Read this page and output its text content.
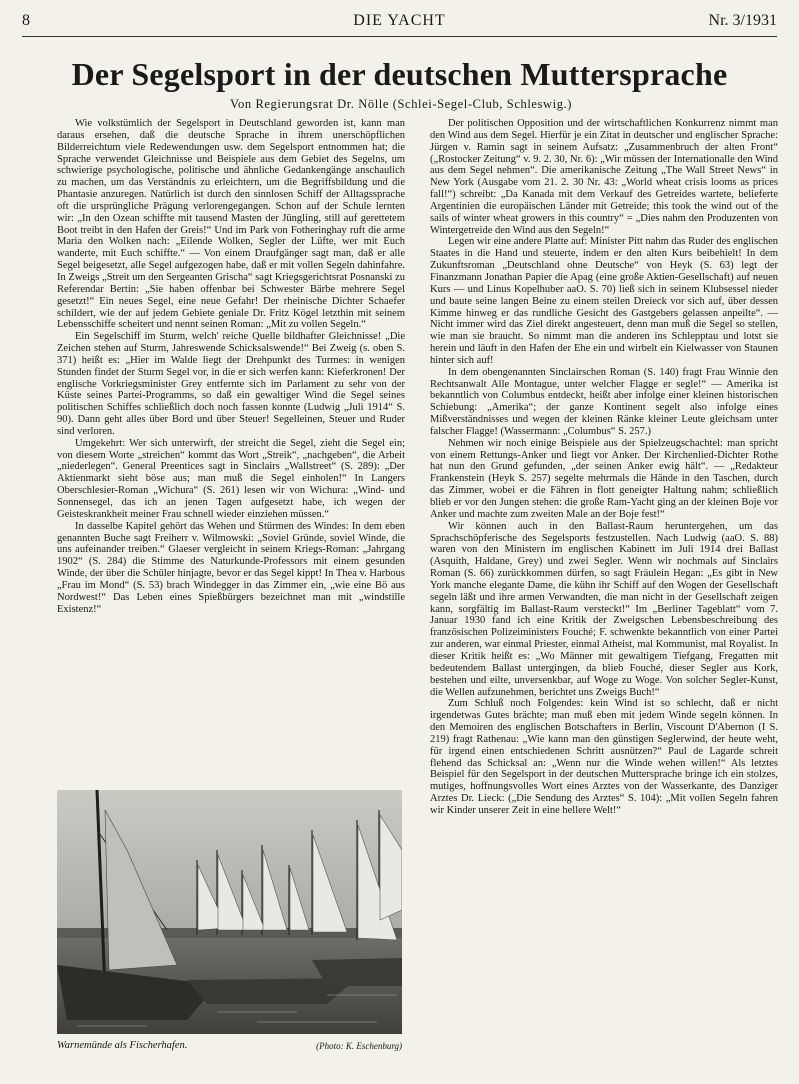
8	DIE YACHT	Nr. 3/1931
Der Segelsport in der deutschen Muttersprache
Von Regierungsrat Dr. Nölle (Schlei-Segel-Club, Schleswig.)

Wie volkstümlich der Segelsport in Deutschland geworden ist, kann man daraus ersehen, daß die deutsche Sprache in ihrem unerschöpflichen Bilderreichtum viele Redewendungen usw. dem Segelsport entnommen hat; die Sprache verwendet Gleichnisse und Beispiele aus dem Gebiet des Segelns, um schwierige psychologische, politische und ähnliche Gedankengänge anschaulich zu machen, um das Verständnis zu erleichtern, um die Begriffsbildung und die Phantasie anzuregen. Natürlich ist durch den sinnlosen Schiff der Alltagssprache oft die ursprüngliche Prägung verlorengegangen. Schon auf der Schule lernten wir: „In den Ozean schiffte mit tausend Masten der Jüngling, still auf gerettetem Boot treibt in den Hafen der Greis!“ Und im Park von Fotheringhay ruft die arme Maria den Wolken nach: „Eilende Wolken, Segler der Lüfte, wer mit Euch wanderte, mit Euch schiffte.“ — Von einem Draufgänger sagt man, daß er alle Segel beigesetzt, alle Segel aufgezogen habe, daß er mit vollen Segeln dahinfahre. In Zweigs „Streit um den Sergeanten Grischa“ sagt Kriegsgerichtsrat Posnanski zu Referendar Bertin: „Sie haben offenbar bei Schwester Bärbe mehrere Segel gesetzt!“ Ein neues Segel, eine neue Gefahr! Der rheinische Dichter Schaefer schildert, wie der auf jedem Gebiete geniale Dr. Fritz Kögel letzthin mit seinem Lebensschiffe scheitert und nennt seinen Roman: „Mit zu vollen Segeln.“

Ein Segelschiff im Sturm, welch' reiche Quelle bildhafter Gleichnisse! „Die Zeichen stehen auf Sturm, Jahreswende Schicksalswende!“ Bei Zweig (s. oben S. 371) heißt es: „Hier im Walde liegt der Drehpunkt des Turmes: in wenigen Stunden findet der Sturm Segel vor, in die er sich werfen kann: Kieferkronen! Der englische Vorkriegsminister Grey entfernte sich im Parlament zu sehr von der Küste seines Partei-Programms, so daß ein gewaltiger Wind die Segel seines politischen Schiffes schließlich doch noch fassen konnte (Ludwig „Juli 1914“ S. 90). Dann geht alles über Bord und über Steuer! Segelleinen, Steuer und Ruder sind verloren.

Umgekehrt: Wer sich unterwirft, der streicht die Segel, zieht die Segel ein; von diesem Worte „streichen“ kommt das Wort „Streik“, „nachgeben“, die Arbeit „niederlegen“. General Preentices sagt in Sinclairs „Wallstreet“ (S. 289): „Der Aktienmarkt sieht böse aus; man muß die Segel einholen!“ In Langers Oberschlesier-Roman „Wichura“ (S. 261) lesen wir von Wichura: „Wind- und Sonnensegel, das ich an jenen Tagen aufgesetzt habe, ich wegen der Geisteskrankheit meiner Frau schnell wieder einziehen müssen.“

In dasselbe Kapitel gehört das Wehen und Stürmen des Windes: In dem eben genannten Buche sagt Freiherr v. Wilmowski: „Soviel Gründe, soviel Winde, die uns aufeinander treiben.“ Glaeser vergleicht in seinem Kriegs-Roman: „Jahrgang 1902“ (S. 284) die Stimme des Naturkunde-Professors mit einem gesunden Winde, der über die Schüler hinjagte, bevor er das Segel kippt! In Thea v. Harbous „Frau im Mond“ (S. 53) brach Windegger in das Zimmer ein, „wie eine Bö aus Nordwest!“ Das Leben eines Spießbürgers bezeichnet man mit „windstille Existenz!“

Der politischen Opposition und der wirtschaftlichen Konkurrenz nimmt man den Wind aus dem Segel. Hierfür je ein Zitat in deutscher und englischer Sprache: Jürgen v. Ramin sagt in seinem Aufsatz: „Zusammenbruch der alten Front“ („Rostocker Zeitung“ v. 9. 2. 30, Nr. 6): „Wir müssen der Internationalle den Wind aus dem Segel nehmen“. Die amerikanische Zeitung „The Wall Street News“ in New York (Ausgabe vom 21. 2. 30 Nr. 43: „World wheat crisis looms as prices fall!“) schreibt: „Da Kanada mit dem Verkauf des Getreides wartete, belieferte Argentinien die europäischen Länder mit Getreide; this took the wind out of the sails of winter wheat growers in this country“ = „Dies nahm den Produzenten von Wintergetreide den Wind aus den Segeln!“

Legen wir eine andere Platte auf: Minister Pitt nahm das Ruder des englischen Staates in die Hand und steuerte, indem er den alten Kurs beibehielt! In dem Zukunftsroman „Deutschland ohne Deutsche“ von Heyk (S. 63) legt der Finanzmann Jonathan Papier die Apag (eine große Aktien-Gesellschaft) auf neuen Kurs — und Linus Kopelhuber aaO. S. 70) ließ sich in seinem Klubsessel nieder und baute seine langen Beine zu einem steilen Dreieck vor sich auf, über dessen Kimme hinweg er das rundliche Gesicht des Gastgebers gelassen anpeilte“. — Nicht immer wird das Ziel direkt angesteuert, denn man muß die Segel so stellen, wie man sie braucht. So nimmt man die anderen ins Schlepptau und lotst sie herein und läuft in den Hafen der Ehe ein und wirbelt ein Kielwasser von Staunen hinter sich auf!

In dem obengenannten Sinclairschen Roman (S. 140) fragt Frau Winnie den Rechtsanwalt Alle Montague, unter welcher Flagge er segle!“ — Amerika ist bekanntlich von Columbus entdeckt, heißt aber infolge einer kleinen historischen Schiebung: „Amerika“; der ganze Kontinent segelt also infolge eines Mißverständnisses und wegen der kleinen Ränke kleiner Leute gleichsam unter falscher Flagge! (Wassermann: „Columbus“ S. 257.)

Nehmen wir noch einige Beispiele aus der Spielzeugschachtel: man spricht von einem Rettungs-Anker und liegt vor Anker. Der Kirchenlied-Dichter Rothe hat nun den Grund gefunden, „der seinen Anker ewig hält“. — „Redakteur Frankenstein (Heyk S. 257) segelte mehrmals die Hände in den Taschen, durch das Zimmer, wobei er die Fähren in flott geneigter Haltung nahm; schließlich blieb er vor den Jungen stehen: die große Ram-Yacht ging an der kleinen Boje vor Anker und machte zum zweiten Male an der Boje fest!“

Wir können auch in den Ballast-Raum heruntergehen, um das Sprachschöpferische des Segelsports festzustellen. Nach Ludwig (aaO. S. 88) waren von den Ministern im englischen Kabinett im Juli 1914 drei Ballast (Asquith, Haldane, Grey) und zwei Segler. Wenn wir nochmals auf Sinclairs Roman (S. 66) zurückkommen dürfen, so sagt Fräulein Hegan: „Es gibt in New York manche elegante Dame, die kühn ihr Schiff auf den Wogen der Gesellschaft segeln läßt und ihre armen Verwandten, die man nicht in der Gesellschaft zeigen kann, sorgfältig im Ballast-Raum versteckt!“ Im „Berliner Tageblatt“ vom 7. Januar 1930 fand ich eine Kritik der Zweigschen Lebensbeschreibung des französischen Polizeiministers Fouché; F. schwenkte bekanntlich von einer Partei zur anderen, war einmal Priester, einmal Atheist, mal Kommunist, mal Royalist. In dieser Kritik heißt es: „Wo Männer mit gewaltigem Tiefgang, Fregatten mit bedeutendem Ballast untergingen, da blieb Fouché, dieser Segler aus Kork, bestehen und eilte, unversenkbar, auf Woge zu Woge. Von solcher Segler-Kunst, die Wellen aufzunehmen, berichtet uns Zweigs Buch!“

Zum Schluß noch Folgendes: kein Wind ist so schlecht, daß er nicht irgendetwas Gutes brächte; man muß eben mit jedem Winde segeln können. In den Memoiren des englischen Botschafters in Berlin, Viscount D'Abernon (I S. 219) fragt Rathenau: „Wie kann man den günstigen Seglerwind, der heute weht, für irgend einen entschiedenen Schritt ausnützen?“ Paul de Lagarde schreit flehend das Schicksal an: „Wenn nur die Winde wehen willen!“ Als letztes Beispiel für den Segelsport in der deutschen Muttersprache bringe ich ein stolzes, mutiges, hoffnungsvolles Wort eines Arztes von der Wasserkante, des Danziger Arztes Dr. Lieck: („Die Sendung des Arztes“ S. 104): „Mit vollen Segeln fahren wir Kinder unserer Zeit in eine hellere Welt!“

Warnemünde als Fischerhafen.	(Photo: K. Eschenburg)
